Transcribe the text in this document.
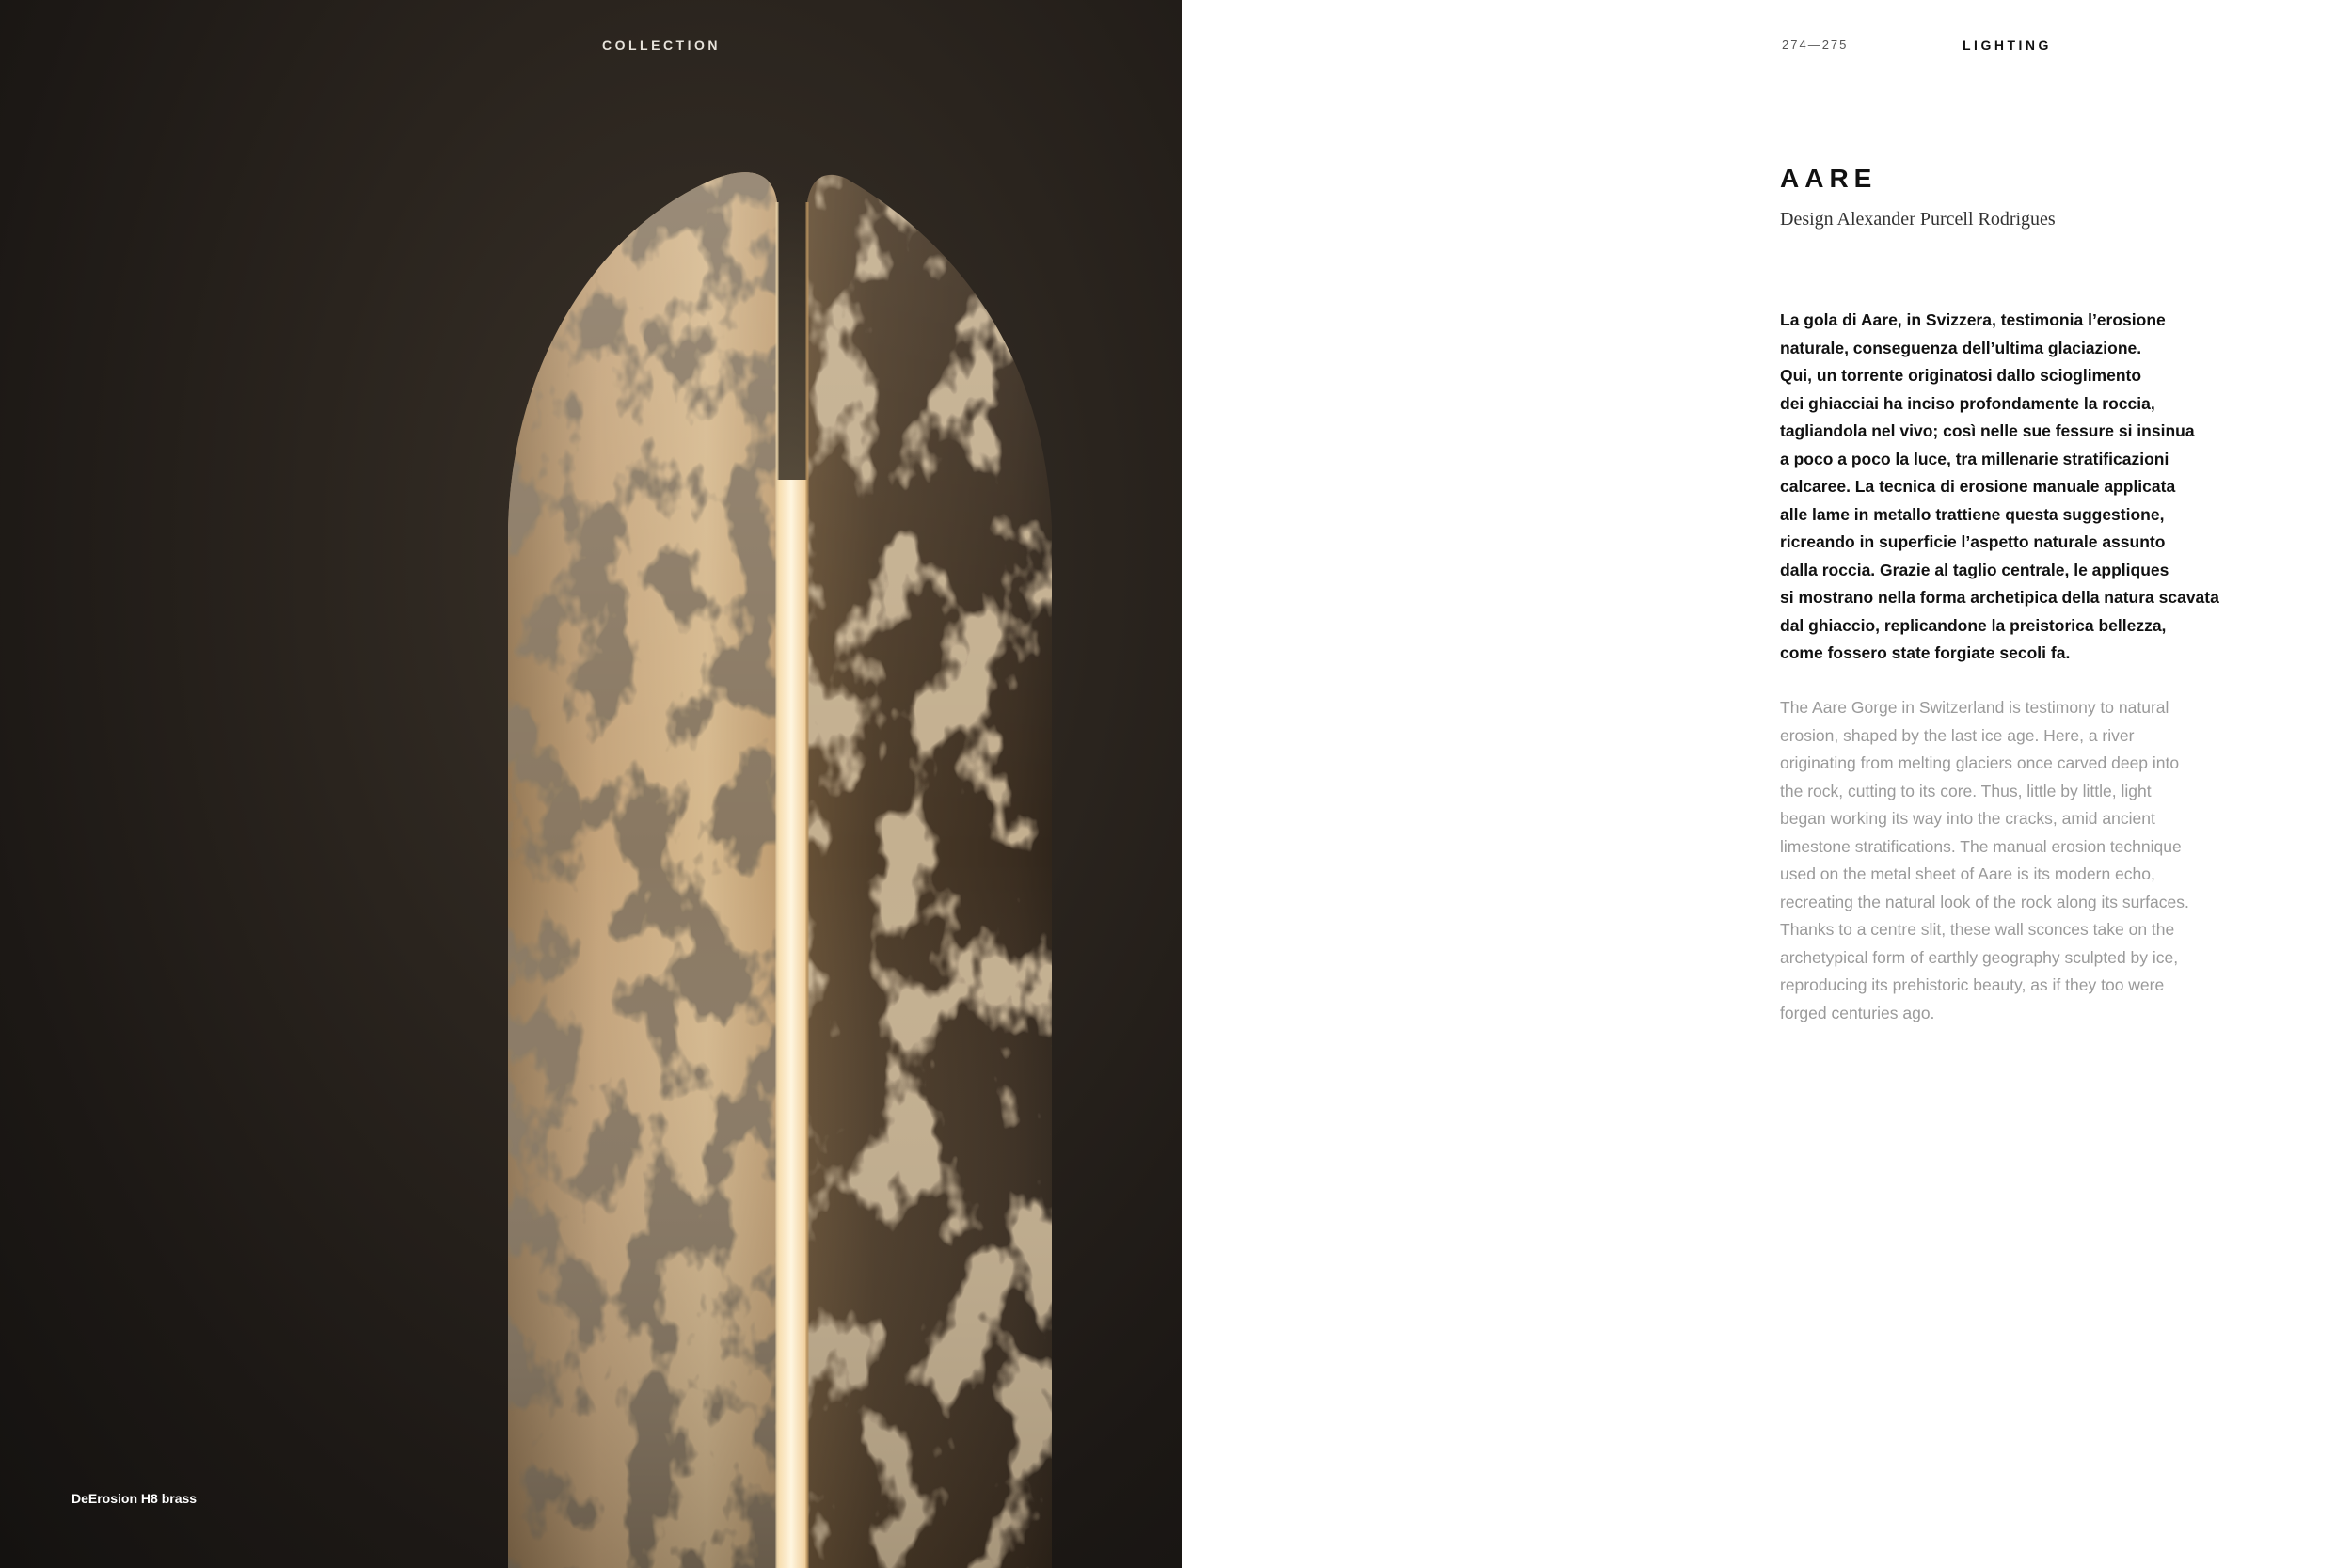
COLLECTION
DeErosion H8 brass
274—275	LIGHTING
AARE
Design Alexander Purcell Rodrigues

La gola di Aare, in Svizzera, testimonia l’erosione
naturale, conseguenza dell’ultima glaciazione.
Qui, un torrente originatosi dallo scioglimento
dei ghiacciai ha inciso profondamente la roccia,
tagliandola nel vivo; così nelle sue fessure si insinua
a poco a poco la luce, tra millenarie stratificazioni
calcaree. La tecnica di erosione manuale applicata
alle lame in metallo trattiene questa suggestione,
ricreando in superficie l’aspetto naturale assunto
dalla roccia. Grazie al taglio centrale, le appliques
si mostrano nella forma archetipica della natura scavata
dal ghiaccio, replicandone la preistorica bellezza,
come fossero state forgiate secoli fa.

The Aare Gorge in Switzerland is testimony to natural
erosion, shaped by the last ice age. Here, a river
originating from melting glaciers once carved deep into
the rock, cutting to its core. Thus, little by little, light
began working its way into the cracks, amid ancient
limestone stratifications. The manual erosion technique
used on the metal sheet of Aare is its modern echo,
recreating the natural look of the rock along its surfaces.
Thanks to a centre slit, these wall sconces take on the
archetypical form of earthly geography sculpted by ice,
reproducing its prehistoric beauty, as if they too were
forged centuries ago.
